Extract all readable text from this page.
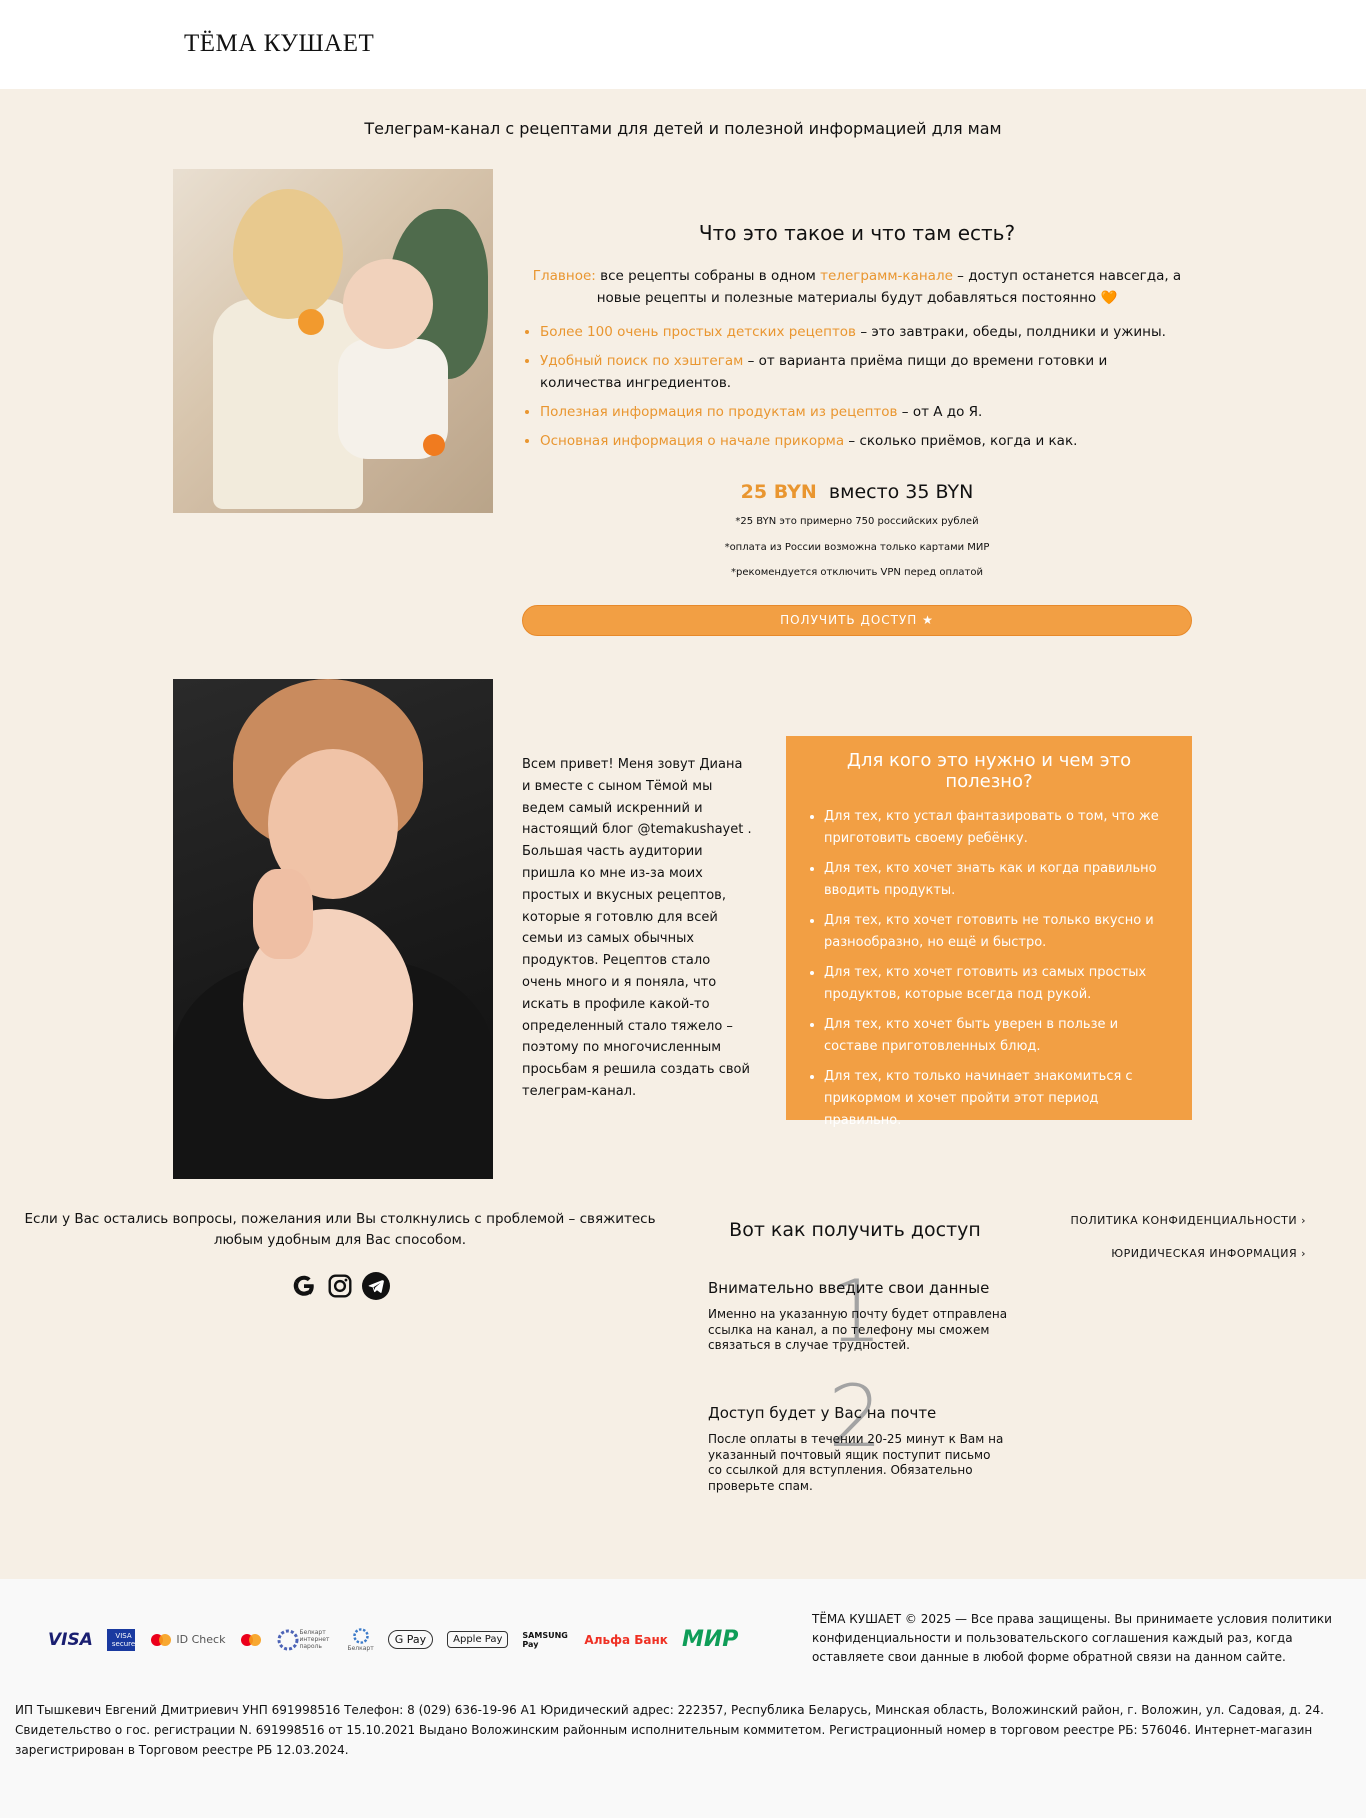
ТЁМА КУШАЕТ
Телеграм-канал с рецептами для детей и полезной информацией для мам
Что это такое и что там есть?
Главное: все рецепты собраны в одном телеграмм-канале – доступ останется навсегда, а новые рецепты и полезные материалы будут добавляться постоянно 🧡
• Более 100 очень простых детских рецептов – это завтраки, обеды, полдники и ужины.
• Удобный поиск по хэштегам – от варианта приёма пищи до времени готовки и количества ингредиентов.
• Полезная информация по продуктам из рецептов – от А до Я.
• Основная информация о начале прикорма – сколько приёмов, когда и как.
25 BYN вместо 35 BYN
*25 BYN это примерно 750 российских рублей
*оплата из России возможна только картами МИР
*рекомендуется отключить VPN перед оплатой
ПОЛУЧИТЬ ДОСТУП ★
Всем привет! Меня зовут Диана и вместе с сыном Тёмой мы ведем самый искренний и настоящий блог @temakushayet . Большая часть аудитории пришла ко мне из-за моих простых и вкусных рецептов, которые я готовлю для всей семьи из самых обычных продуктов. Рецептов стало очень много и я поняла, что искать в профиле какой-то определенный стало тяжело – поэтому по многочисленным просьбам я решила создать свой телеграм-канал.
Для кого это нужно и чем это полезно?
• Для тех, кто устал фантазировать о том, что же приготовить своему ребёнку.
• Для тех, кто хочет знать как и когда правильно вводить продукты.
• Для тех, кто хочет готовить не только вкусно и разнообразно, но ещё и быстро.
• Для тех, кто хочет готовить из самых простых продуктов, которые всегда под рукой.
• Для тех, кто хочет быть уверен в пользе и составе приготовленных блюд.
• Для тех, кто только начинает знакомиться с прикормом и хочет пройти этот период правильно.
Если у Вас остались вопросы, пожелания или Вы столкнулись с проблемой – свяжитесь любым удобным для Вас способом.	Вот как получить доступ
1
Внимательно введите свои данные
Именно на указанную почту будет отправлена ссылка на канал, а по телефону мы сможем связаться в случае трудностей.
2
Доступ будет у Вас на почте
После оплаты в течении 20-25 минут к Вам на указанный почтовый ящик поступит письмо со ссылкой для вступления. Обязательно проверьте спам.
ПОЛИТИКА КОНФИДЕНЦИАЛЬНОСТИ ›
ЮРИДИЧЕСКАЯ ИНФОРМАЦИЯ ›
VISA	VISA secure
	ID Check
Белкарт интернет пароль	Белкарт
G Pay	Apple Pay	SAMSUNG Pay	Альфа Банк МИР
ТЁМА КУШАЕТ © 2025 — Все права защищены. Вы принимаете условия политики конфиденциальности и пользовательского соглашения каждый раз, когда оставляете свои данные в любой форме обратной связи на данном сайте.
ИП Тышкевич Евгений Дмитриевич УНП 691998516 Телефон: 8 (029) 636-19-96 А1 Юридический адрес: 222357, Республика Беларусь, Минская область, Воложинский район, г. Воложин, ул. Садовая, д. 24. Свидетельство о гос. регистрации N. 691998516 от 15.10.2021 Выдано Воложинским районным исполнительным коммитетом. Регистрационный номер в торговом реестре РБ: 576046. Интернет-магазин зарегистрирован в Торговом реестре РБ 12.03.2024.
